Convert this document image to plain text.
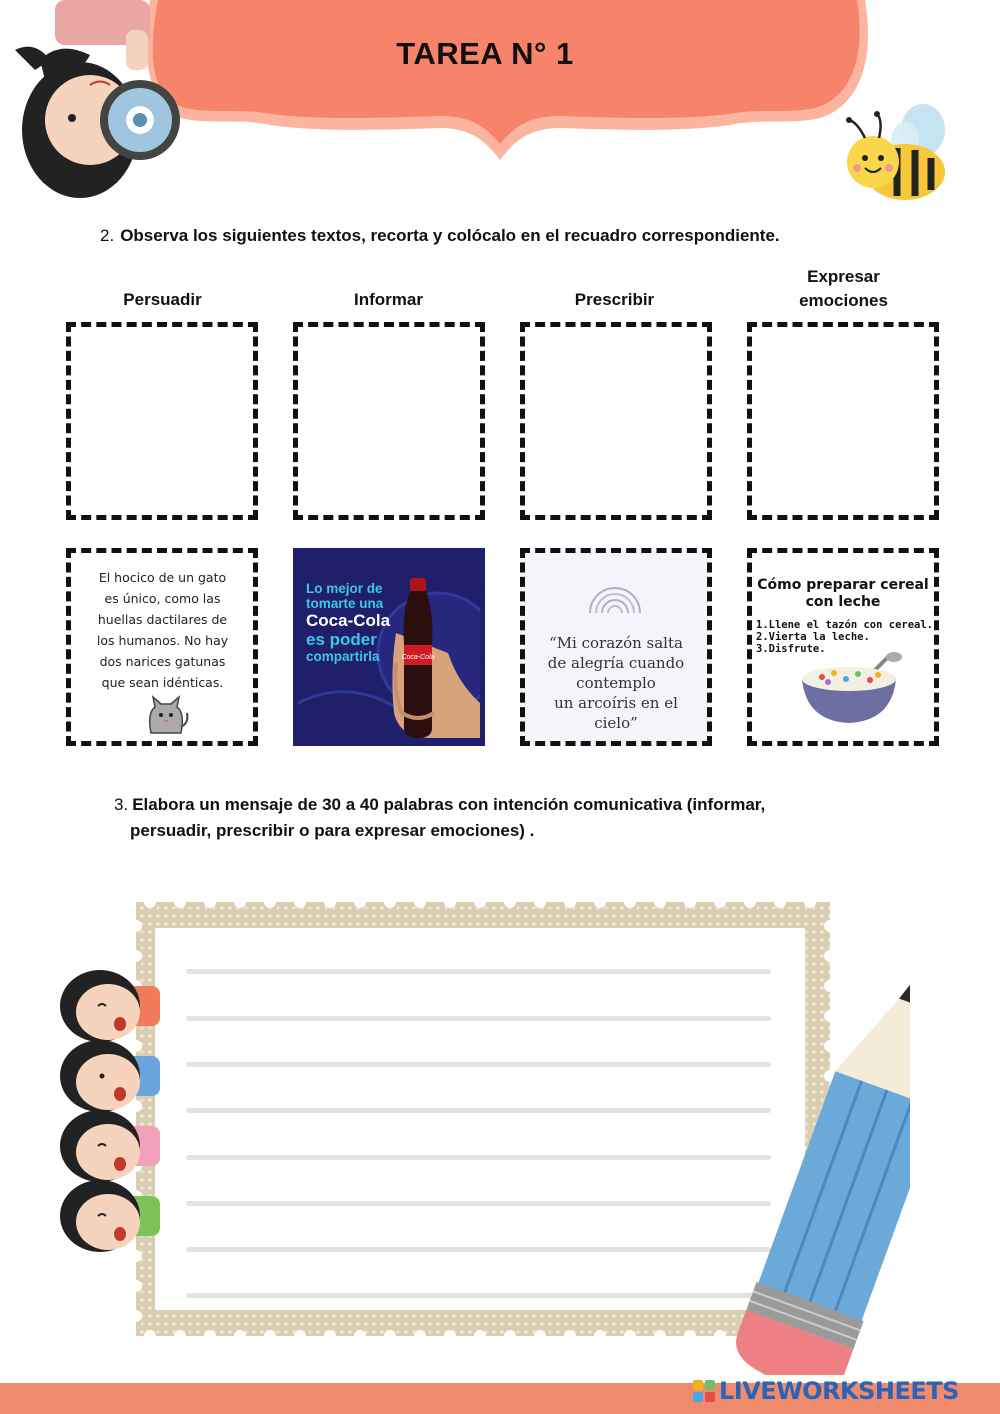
TAREA N° 1
2. Observa los siguientes textos, recorta y colócalo en el recuadro correspondiente.
Persuadir	Informar	Prescribir
Expresar
emociones
El hocico de un gato
es único, como las
huellas dactilares de
los humanos. No hay
dos narices gatunas
que sean idénticas.
Coca-Cola
Lo mejor de
tomarte una
Coca-Cola
es poder
compartirla
“Mi corazón salta
de alegría cuando
contemplo
un arcoíris en el
cielo”
Cómo preparar cereal
con leche
1.Llene el tazón con cereal.
2.Vierta la leche.
3.Disfrute.
3. Elabora un mensaje de 30 a 40 palabras con intención comunicativa (informar,
persuadir, prescribir o para expresar emociones) .
LIVEWORKSHEETS
